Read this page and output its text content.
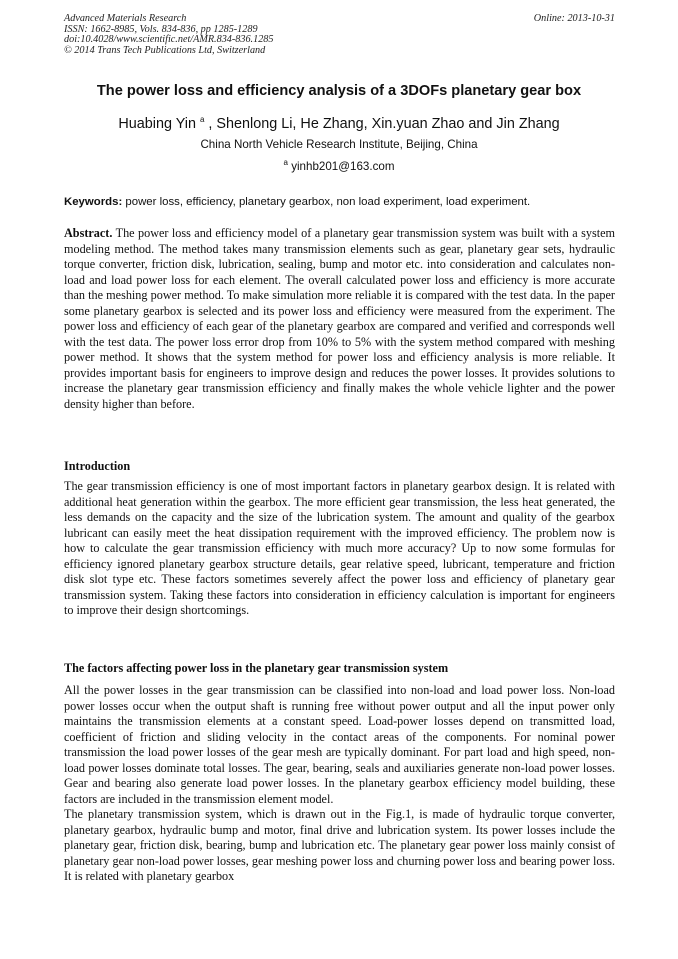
Advanced Materials Research
ISSN: 1662-8985, Vols. 834-836, pp 1285-1289
doi:10.4028/www.scientific.net/AMR.834-836.1285
© 2014 Trans Tech Publications Ltd, Switzerland
Online: 2013-10-31
The power loss and efficiency analysis of a 3DOFs planetary gear box
Huabing Yin $^a$ , Shenlong Li, He Zhang, Xin.yuan Zhao and Jin Zhang
China North Vehicle Research Institute, Beijing, China
$^a$ yinhb201@163.com
Keywords: power loss, efficiency, planetary gearbox, non load experiment, load experiment.
Abstract. The power loss and efficiency model of a planetary gear transmission system was built with a system modeling method. The method takes many transmission elements such as gear, planetary gear sets, hydraulic torque converter, friction disk, lubrication, sealing, bump and motor etc. into consideration and calculates non-load and load power loss for each element. The overall calculated power loss and efficiency is more accurate than the meshing power method. To make simulation more reliable it is compared with the test data. In the paper some planetary gearbox is selected and its power loss and efficiency were measured from the experiment. The power loss and efficiency of each gear of the planetary gearbox are compared and verified and corresponds well with the test data. The power loss error drop from 10% to 5% with the system method compared with meshing power method. It shows that the system method for power loss and efficiency analysis is more reliable. It provides important basis for engineers to improve design and reduces the power losses. It provides solutions to increase the planetary gear transmission efficiency and finally makes the whole vehicle lighter and the power density higher than before.
Introduction

The gear transmission efficiency is one of most important factors in planetary gearbox design. It is related with additional heat generation within the gearbox. The more efficient gear transmission, the less heat generated, the less demands on the capacity and the size of the lubrication system. The amount and quality of the gearbox lubricant can easily meet the heat dissipation requirement with the improved efficiency. The problem now is how to calculate the gear transmission efficiency with much more accuracy? Up to now some formulas for efficiency ignored planetary gearbox structure details, gear relative speed, lubricant, temperature and friction disk slot type etc. These factors sometimes severely affect the power loss and efficiency of planetary gear transmission system. Taking these factors into consideration in efficiency calculation is important for engineers to improve their design shortcomings.

The factors affecting power loss in the planetary gear transmission system

All the power losses in the gear transmission can be classified into non-load and load power loss. Non-load power losses occur when the output shaft is running free without power output and all the input power only maintains the transmission elements at a constant speed. Load-power losses depend on transmitted load, coefficient of friction and sliding velocity in the contact areas of the components. For nominal power transmission the load power losses of the gear mesh are typically dominant. For part load and high speed, non-load power losses dominate total losses. The gear, bearing, seals and auxiliaries generate non-load power losses. Gear and bearing also generate load power losses. In the planetary gearbox efficiency model building, these factors are included in the transmission element model.

The planetary transmission system, which is drawn out in the Fig.1, is made of hydraulic torque converter, planetary gearbox, hydraulic bump and motor, final drive and lubrication system. Its power losses include the planetary gear, friction disk, bearing, bump and lubrication etc. The planetary gear power loss mainly consist of planetary gear non-load power losses, gear meshing power loss and churning power loss and bearing power loss. It is related with planetary gearbox
